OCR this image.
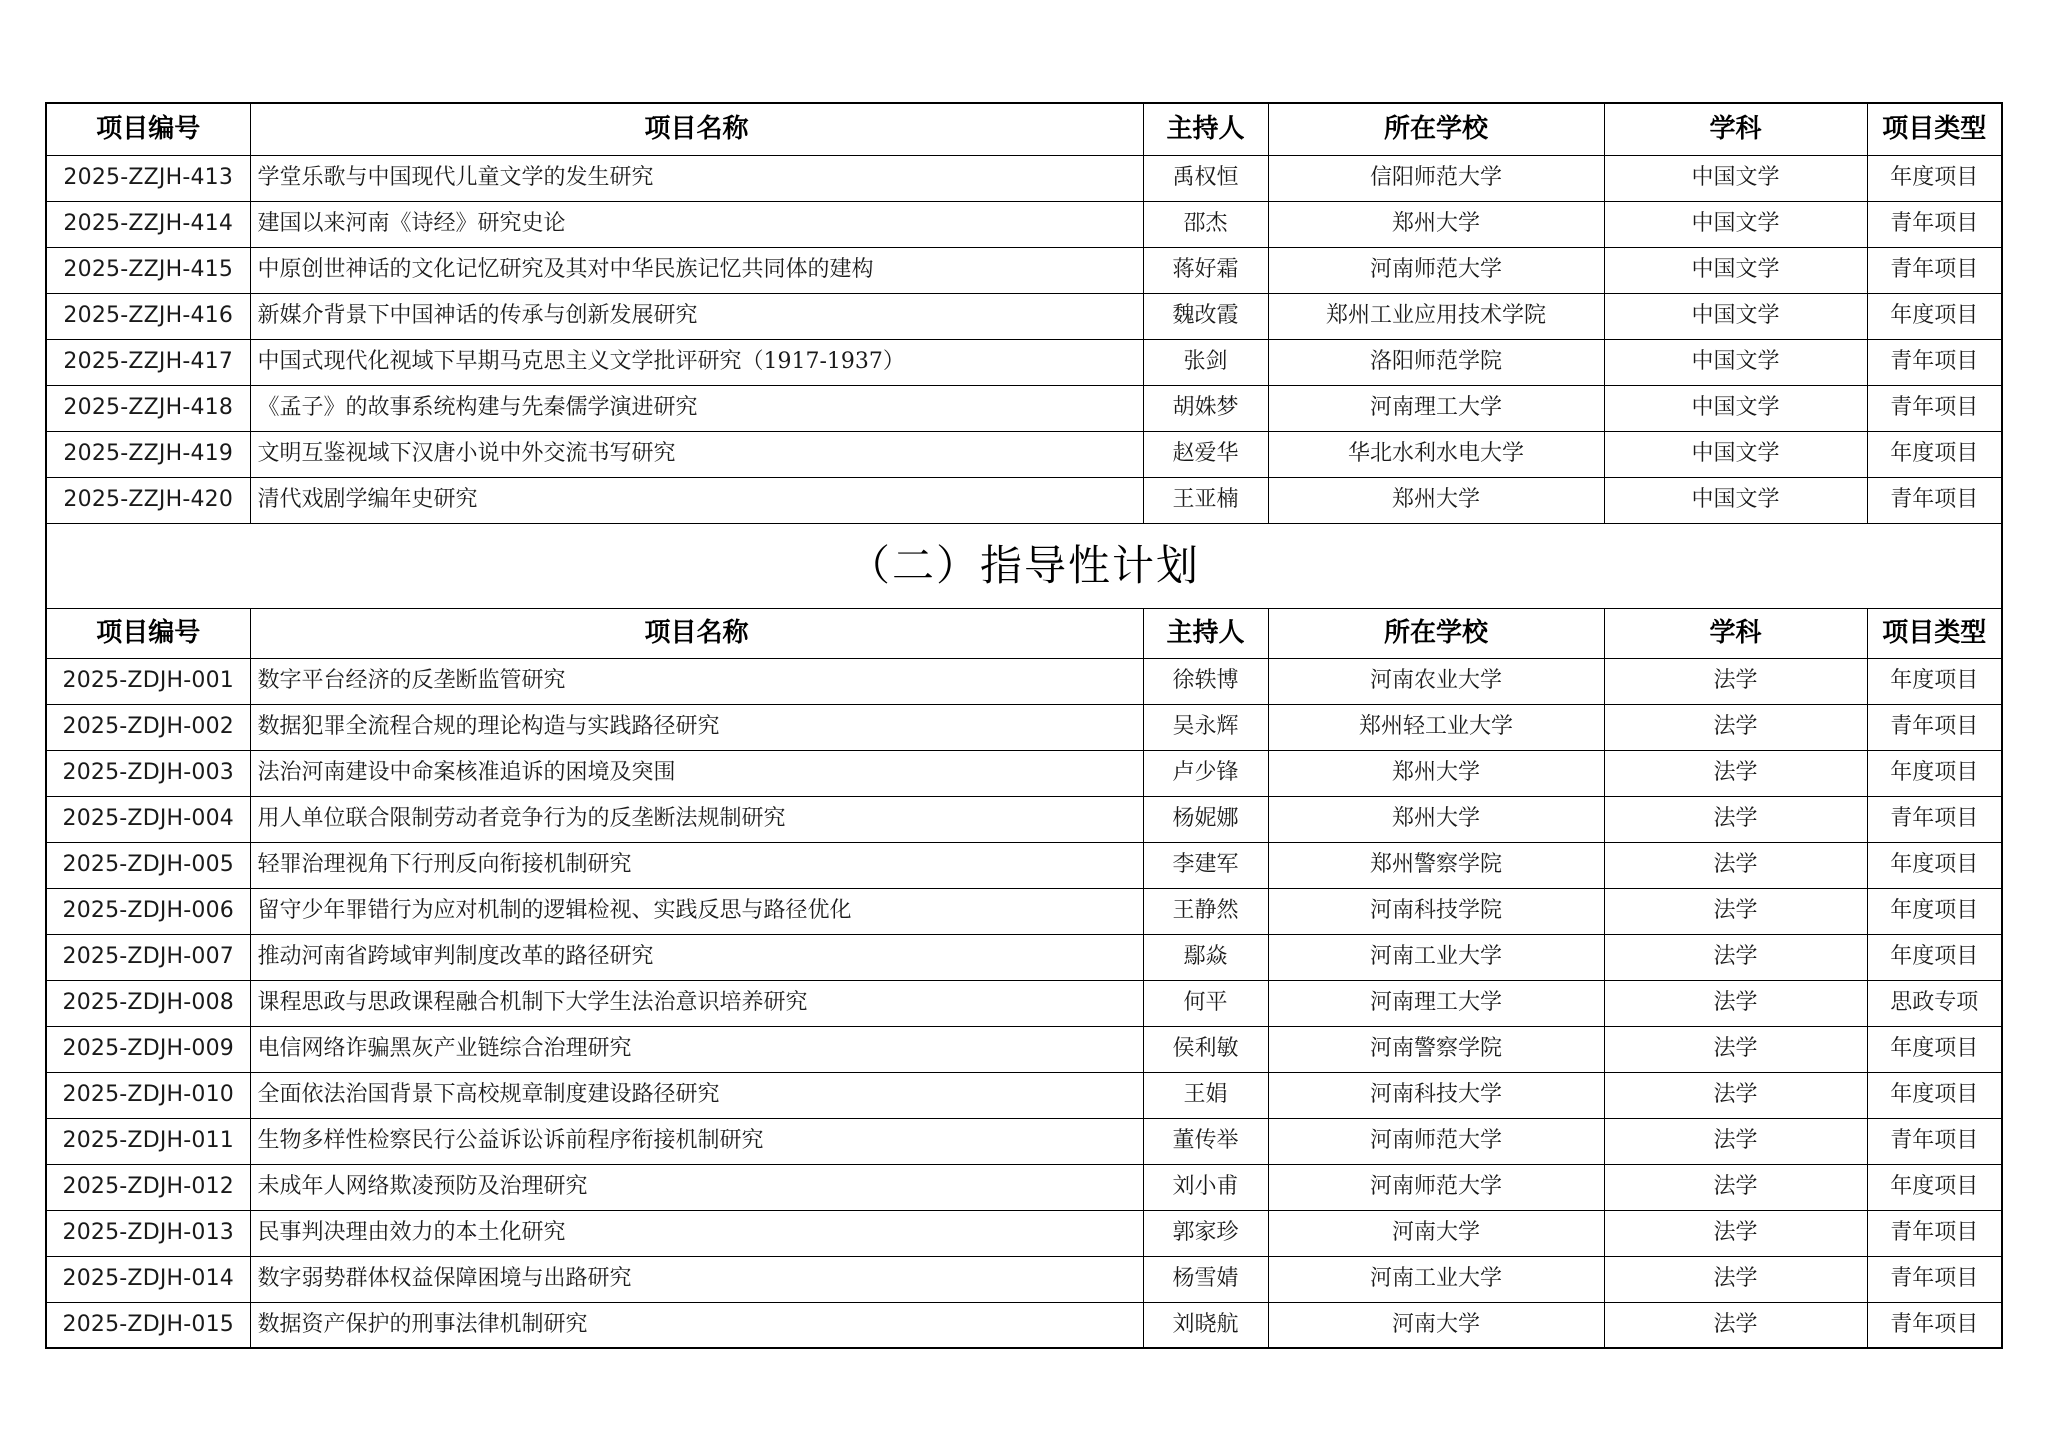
项目编号	项目名称	主持人	所在学校	学科	项目类型
2025-ZZJH-413	学堂乐歌与中国现代儿童文学的发生研究	禹权恒	信阳师范大学	中国文学	年度项目
2025-ZZJH-414	建国以来河南《诗经》研究史论	邵杰	郑州大学	中国文学	青年项目
2025-ZZJH-415	中原创世神话的文化记忆研究及其对中华民族记忆共同体的建构	蒋好霜	河南师范大学	中国文学	青年项目
2025-ZZJH-416	新媒介背景下中国神话的传承与创新发展研究	魏改霞	郑州工业应用技术学院	中国文学	年度项目
2025-ZZJH-417	中国式现代化视域下早期马克思主义文学批评研究（1917-1937）	张剑	洛阳师范学院	中国文学	青年项目
2025-ZZJH-418	《孟子》的故事系统构建与先秦儒学演进研究	胡姝梦	河南理工大学	中国文学	青年项目
2025-ZZJH-419	文明互鉴视域下汉唐小说中外交流书写研究	赵爱华	华北水利水电大学	中国文学	年度项目
2025-ZZJH-420	清代戏剧学编年史研究	王亚楠	郑州大学	中国文学	青年项目
（二）指导性计划					
项目编号	项目名称	主持人	所在学校	学科	项目类型
2025-ZDJH-001	数字平台经济的反垄断监管研究	徐轶博	河南农业大学	法学	年度项目
2025-ZDJH-002	数据犯罪全流程合规的理论构造与实践路径研究	吴永辉	郑州轻工业大学	法学	青年项目
2025-ZDJH-003	法治河南建设中命案核准追诉的困境及突围	卢少锋	郑州大学	法学	年度项目
2025-ZDJH-004	用人单位联合限制劳动者竞争行为的反垄断法规制研究	杨妮娜	郑州大学	法学	青年项目
2025-ZDJH-005	轻罪治理视角下行刑反向衔接机制研究	李建军	郑州警察学院	法学	年度项目
2025-ZDJH-006	留守少年罪错行为应对机制的逻辑检视、实践反思与路径优化	王静然	河南科技学院	法学	年度项目
2025-ZDJH-007	推动河南省跨域审判制度改革的路径研究	鄢焱	河南工业大学	法学	年度项目
2025-ZDJH-008	课程思政与思政课程融合机制下大学生法治意识培养研究	何平	河南理工大学	法学	思政专项
2025-ZDJH-009	电信网络诈骗黑灰产业链综合治理研究	侯利敏	河南警察学院	法学	年度项目
2025-ZDJH-010	全面依法治国背景下高校规章制度建设路径研究	王娟	河南科技大学	法学	年度项目
2025-ZDJH-011	生物多样性检察民行公益诉讼诉前程序衔接机制研究	董传举	河南师范大学	法学	青年项目
2025-ZDJH-012	未成年人网络欺凌预防及治理研究	刘小甫	河南师范大学	法学	年度项目
2025-ZDJH-013	民事判决理由效力的本土化研究	郭家珍	河南大学	法学	青年项目
2025-ZDJH-014	数字弱势群体权益保障困境与出路研究	杨雪婧	河南工业大学	法学	青年项目
2025-ZDJH-015	数据资产保护的刑事法律机制研究	刘晓航	河南大学	法学	青年项目
